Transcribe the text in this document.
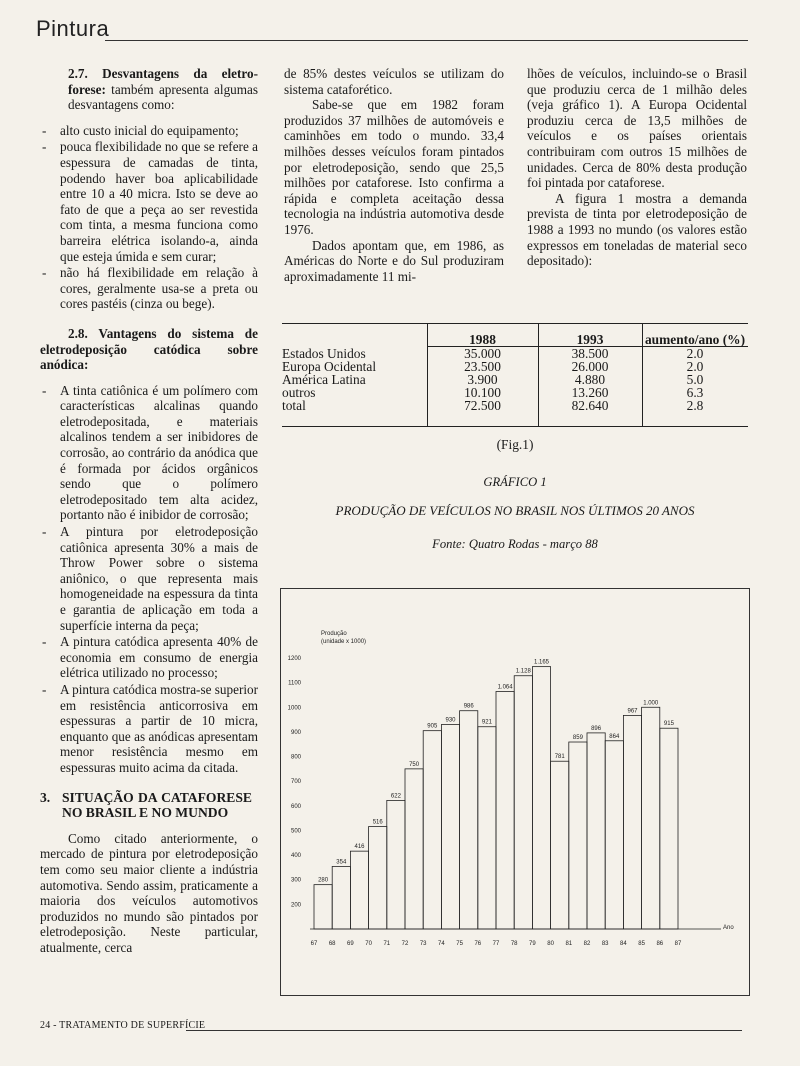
Pintura

2.7. Desvantagens da eletroforese: também apresenta algumas desvantagens como:

- alto custo inicial do equipamento;
- pouca flexibilidade no que se refere a espessura de camadas de tinta, podendo haver boa aplicabilidade entre 10 a 40 micra. Isto se deve ao fato de que a peça ao ser revestida com tinta, a mesma funciona como barreira elétrica isolando-a, ainda que esteja úmida e sem curar;
- não há flexibilidade em relação à cores, geralmente usa-se a preta ou cores pastéis (cinza ou bege).

2.8. Vantagens do sistema de eletrodeposição catódica sobre anódica:

- A tinta catiônica é um polímero com características alcalinas quando eletrodepositada, e materiais alcalinos tendem a ser inibidores de corrosão, ao contrário da anódica que é formada por ácidos orgânicos sendo que o polímero eletrodepositado tem alta acidez, portanto não é inibidor de corrosão;
- A pintura por eletrodeposição catiônica apresenta 30% a mais de Throw Power sobre o sistema aniônico, o que representa mais homogeneidade na espessura da tinta e garantia de aplicação em toda a superfície interna da peça;
- A pintura catódica apresenta 40% de economia em consumo de energia elétrica utilizado no processo;
- A pintura catódica mostra-se superior em resistência anticorrosiva em espessuras a partir de 10 micra, enquanto que as anódicas apresentam menor resistência mesmo em espessuras muito acima da citada.
3. SITUAÇÃO DA CATAFORESE NO BRASIL E NO MUNDO

Como citado anteriormente, o mercado de pintura por eletrodeposição tem como seu maior cliente a indústria automotiva. Sendo assim, praticamente a maioria dos veículos automotivos produzidos no mundo são pintados por eletrodeposição. Neste particular, atualmente, cerca

de 85% destes veículos se utilizam do sistema cataforético.

Sabe-se que em 1982 foram produzidos 37 milhões de automóveis e caminhões em todo o mundo. 33,4 milhões desses veículos foram pintados por eletrodeposição, sendo que 25,5 milhões por cataforese. Isto confirma a rápida e completa aceitação dessa tecnologia na indústria automotiva desde 1976.

Dados apontam que, em 1986, as Américas do Norte e do Sul produziram aproximadamente 11 mi-

lhões de veículos, incluindo-se o Brasil que produziu cerca de 1 milhão deles (veja gráfico 1). A Europa Ocidental produziu cerca de 13,5 milhões de veículos e os países orientais contribuiram com outros 15 milhões de unidades. Cerca de 80% desta produção foi pintada por cataforese.

A figura 1 mostra a demanda prevista de tinta por eletrodeposição de 1988 a 1993 no mundo (os valores estão expressos em toneladas de material seco depositado):

	1988	1993	aumento/ano (%)
Estados Unidos	35.000	38.500	2.0
Europa Ocidental	23.500	26.000	2.0
América Latina	3.900	4.880	5.0
outros	10.100	13.260	6.3
total	72.500	82.640	2.8
(Fig.1)
GRÁFICO 1
PRODUÇÃO DE VEÍCULOS NO BRASIL NOS ÚLTIMOS 20 ANOS
Fonte: Quatro Rodas - março 88
Produção
(unidade x 1000)
200
300
400
500
600
700
800
900
1000
1100
1200
280
354
416
516
622
750
905
930
986
921
1.064
1.128
1.165
781
859
896
864
967
1.000
915
67 68 69 70 71 72 73 74 75 76 77 78 79 80 81 82 83 84 85 86 87
Ano
24 - TRATAMENTO DE SUPERFÍCIE
